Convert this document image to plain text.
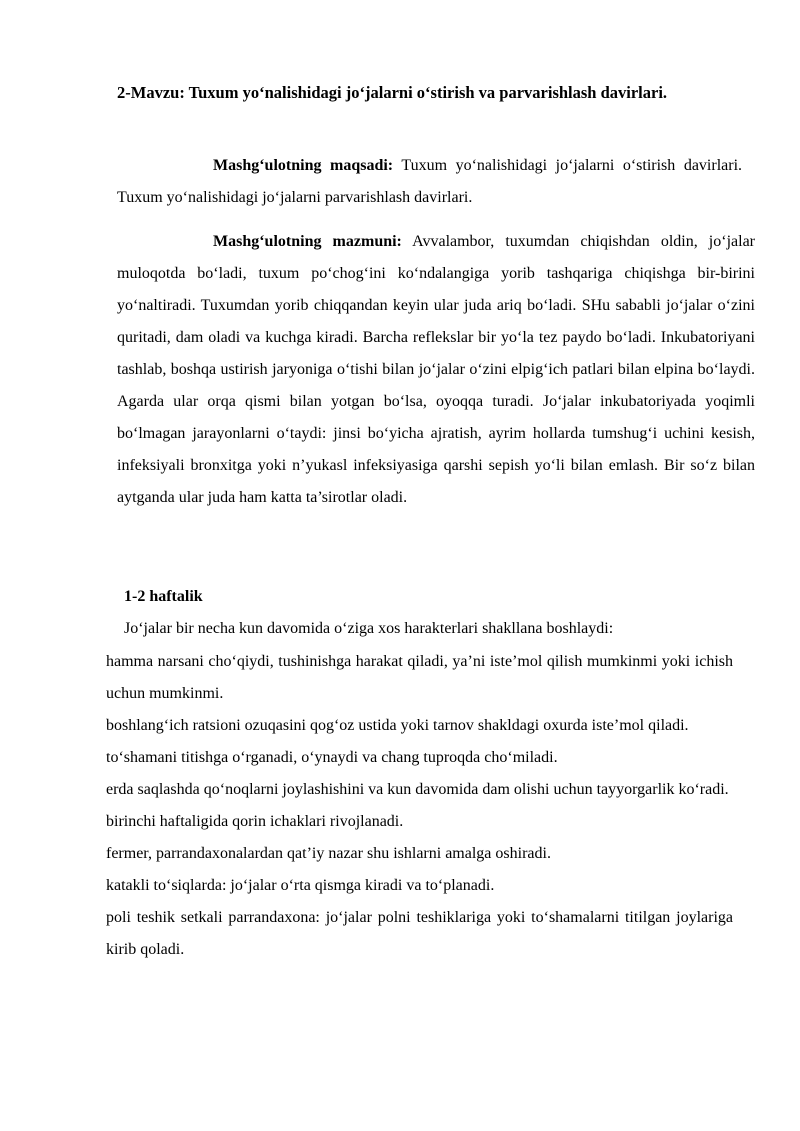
2-Mavzu: Tuxum yo‘nalishidagi jo‘jalarni o‘stirish va parvarishlash davirlari.

Mashg‘ulotning maqsadi: Tuxum yo‘nalishidagi jo‘jalarni o‘stirish davirlari. Tuxum yo‘nalishidagi jo‘jalarni parvarishlash davirlari.

Mashg‘ulotning mazmuni: Avvalambor, tuxumdan chiqishdan oldin, jo‘jalar muloqotda bo‘ladi, tuxum po‘chog‘ini ko‘ndalangiga yorib tashqariga chiqishga bir-birini yo‘naltiradi. Tuxumdan yorib chiqqandan keyin ular juda ariq bo‘ladi. SHu sababli jo‘jalar o‘zini quritadi, dam oladi va kuchga kiradi. Barcha reflekslar bir yo‘la tez paydo bo‘ladi. Inkubatoriyani tashlab, boshqa ustirish jaryoniga o‘tishi bilan jo‘jalar o‘zini elpig‘ich patlari bilan elpina bo‘laydi. Agarda ular orqa qismi bilan yotgan bo‘lsa, oyoqqa turadi. Jo‘jalar inkubatoriyada yoqimli bo‘lmagan jarayonlarni o‘taydi: jinsi bo‘yicha ajratish, ayrim hollarda tumshug‘i uchini kesish, infeksiyali bronxitga yoki n’yukasl infeksiyasiga qarshi sepish yo‘li bilan emlash. Bir so‘z bilan aytganda ular juda ham katta ta’sirotlar oladi.

1-2 haftalik
Jo‘jalar bir necha kun davomida o‘ziga xos harakterlari shakllana boshlaydi:
hamma narsani cho‘qiydi, tushinishga harakat qiladi, ya’ni iste’mol qilish mumkinmi yoki ichish uchun mumkinmi.
boshlang‘ich ratsioni ozuqasini qog‘oz ustida yoki tarnov shakldagi oxurda iste’mol qiladi.
to‘shamani titishga o‘rganadi, o‘ynaydi va chang tuproqda cho‘miladi.
erda saqlashda qo‘noqlarni joylashishini va kun davomida dam olishi uchun tayyorgarlik ko‘radi.
birinchi haftaligida qorin ichaklari rivojlanadi.
fermer, parrandaxonalardan qat’iy nazar shu ishlarni amalga oshiradi.
katakli to‘siqlarda: jo‘jalar o‘rta qismga kiradi va to‘planadi.
poli teshik setkali parrandaxona: jo‘jalar polni teshiklariga yoki to‘shamalarni titilgan joylariga kirib qoladi.
